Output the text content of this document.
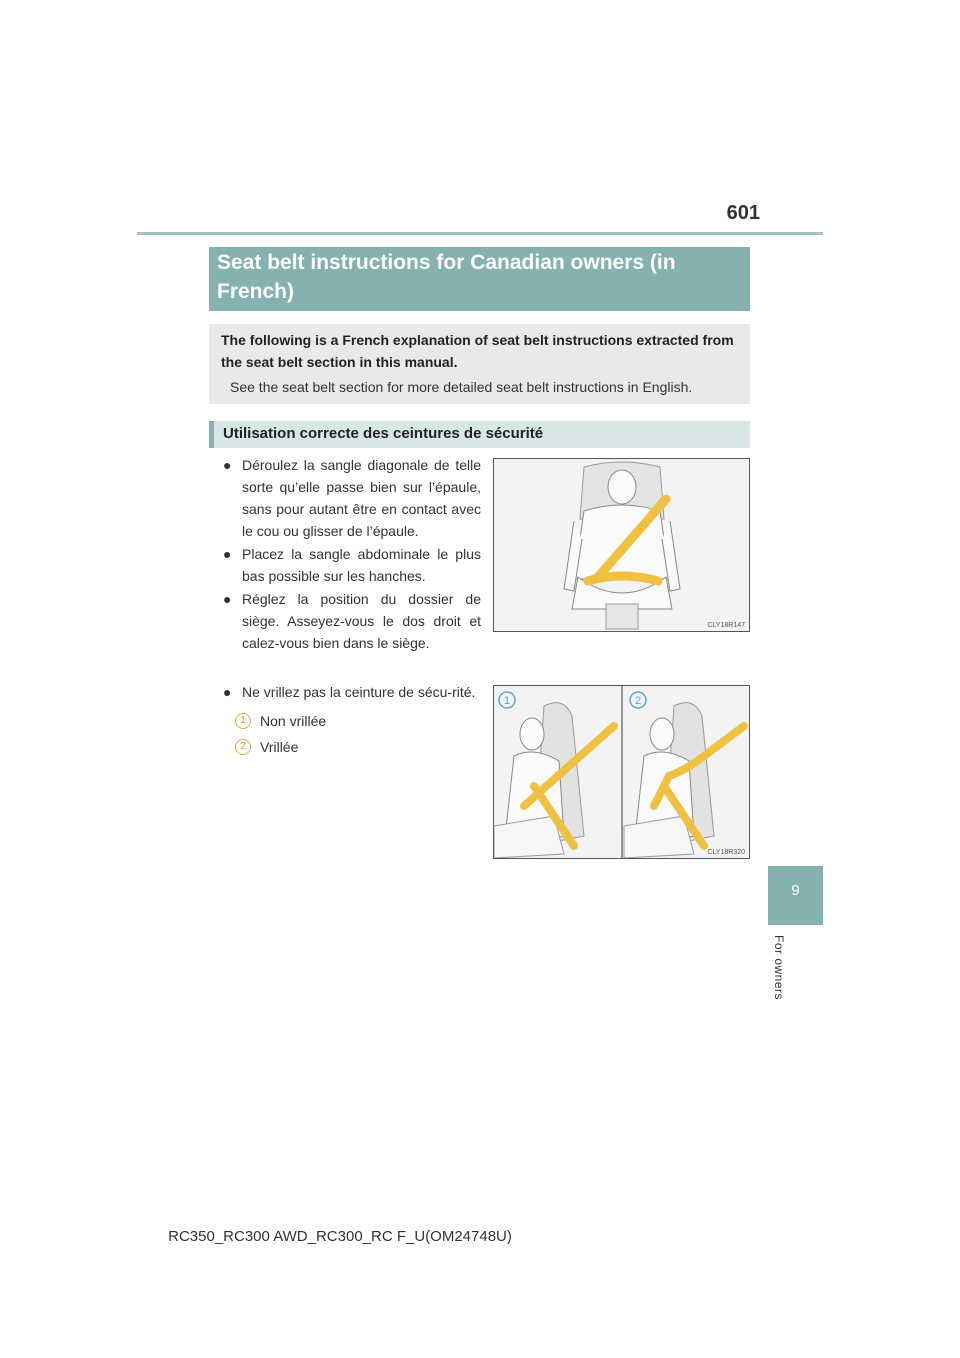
601
Seat belt instructions for Canadian owners (in French)
The following is a French explanation of seat belt instructions extracted from the seat belt section in this manual.
See the seat belt section for more detailed seat belt instructions in English.
Utilisation correcte des ceintures de sécurité
● Déroulez la sangle diagonale de telle sorte qu’elle passe bien sur l’épaule, sans pour autant être en contact avec le cou ou glisser de l’épaule.
● Placez la sangle abdominale le plus bas possible sur les hanches.
● Réglez la position du dossier de siège. Asseyez-vous le dos droit et calez-vous bien dans le siège.
● Ne vrillez pas la ceinture de sécu-rité.
1	Non vrillée
2	Vrillée
CLY18R147
1	2
CLY18R320
9
For owners
RC350_RC300 AWD_RC300_RC F_U(OM24748U)
